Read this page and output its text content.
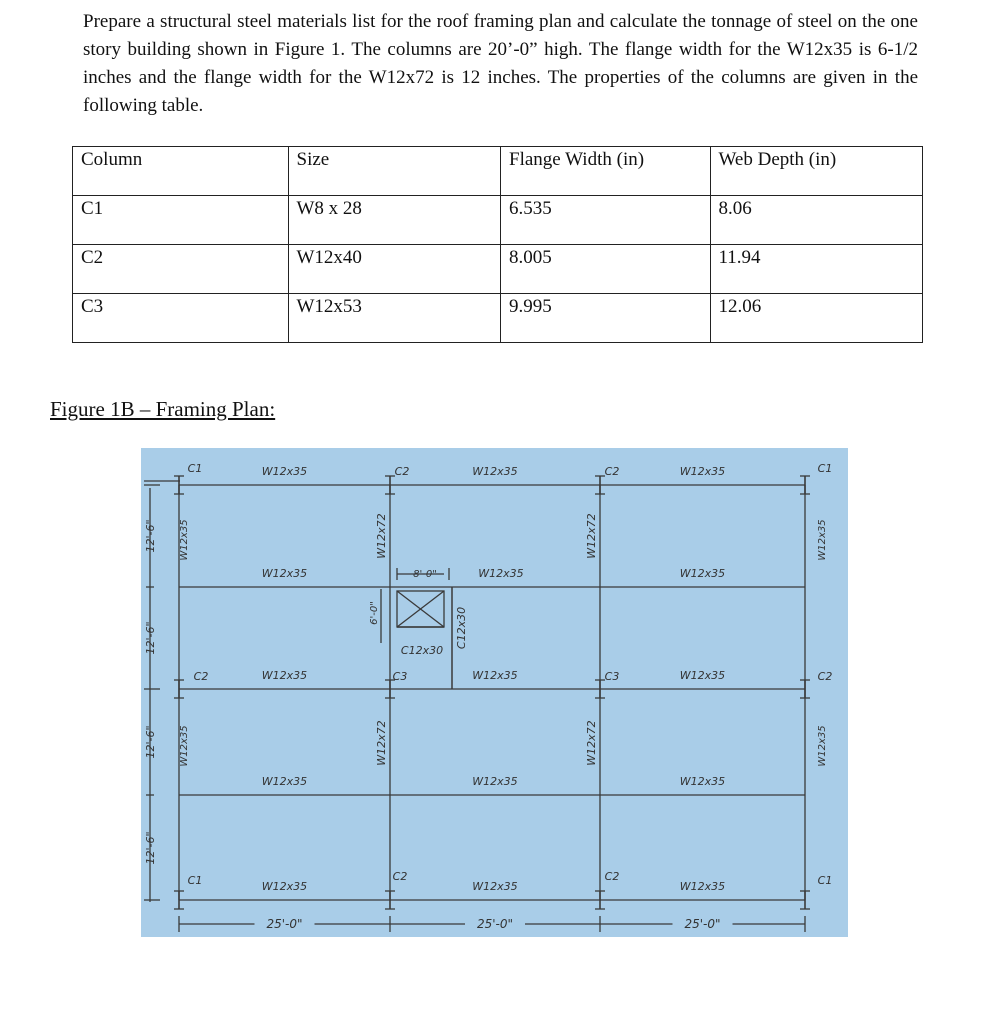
Prepare a structural steel materials list for the roof framing plan and calculate the tonnage of steel on the one story building shown in Figure 1. The columns are 20’-0” high. The flange width for the W12x35 is 6-1/2 inches and the flange width for the W12x72 is 12 inches. The properties of the columns are given in the following table.

Column	Size	Flange Width (in)	Web Depth (in)
C1	W8 x 28	6.535	8.06
C2	W12x40	8.005	11.94
C3	W12x53	9.995	12.06

Figure 1B – Framing Plan:

C1	C2	C2	C1
C2	C3	C3	C2
C1	C2	C2	C1
W12x35	W12x35	W12x35
W12x35	W12x35	W12x35
W12x35	W12x35	W12x35
W12x35	W12x35	W12x35
W12x35	W12x35	W12x35
W12x72	W12x72
W12x72	W12x72
W12x35	W12x35
W12x35	W12x35
C12x30
C12x30
8'-0"
6'-0"
12'-6"
12'-6"
12'-6"
12'-6"
25'-0"	25'-0"	25'-0"
